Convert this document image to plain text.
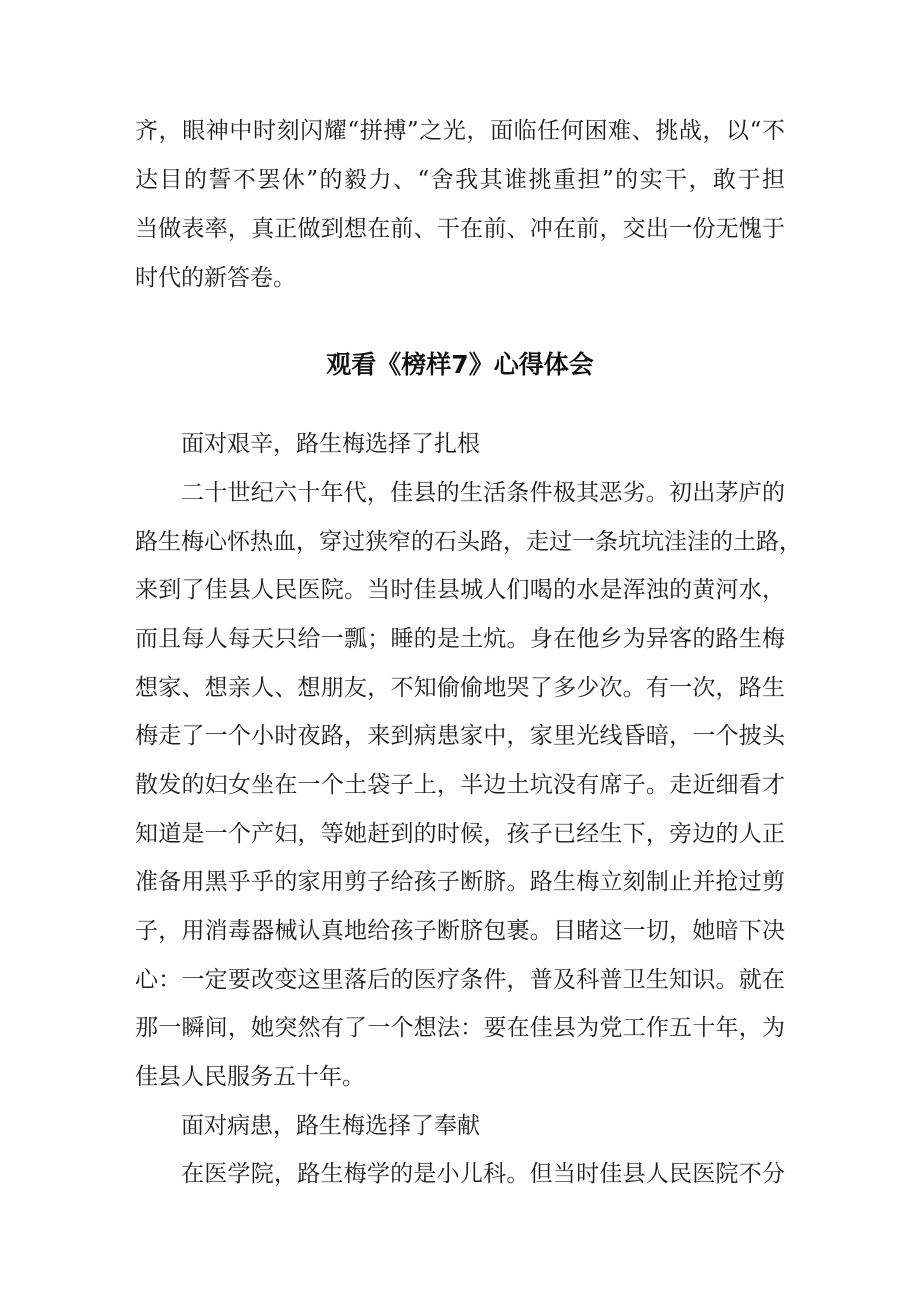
齐，眼神中时刻闪耀“拼搏”之光，面临任何困难、挑战，以“不
达目的誓不罢休”的毅力、“舍我其谁挑重担”的实干，敢于担
当做表率，真正做到想在前、干在前、冲在前，交出一份无愧于
时代的新答卷。
观看《榜样7》心得体会
面对艰辛，路生梅选择了扎根
二十世纪六十年代，佳县的生活条件极其恶劣。初出茅庐的
路生梅心怀热血，穿过狭窄的石头路，走过一条坑坑洼洼的土路，
来到了佳县人民医院。当时佳县城人们喝的水是浑浊的黄河水，
而且每人每天只给一瓢；睡的是土炕。身在他乡为异客的路生梅
想家、想亲人、想朋友，不知偷偷地哭了多少次。有一次，路生
梅走了一个小时夜路，来到病患家中，家里光线昏暗，一个披头
散发的妇女坐在一个土袋子上，半边土坑没有席子。走近细看才
知道是一个产妇，等她赶到的时候，孩子已经生下，旁边的人正
准备用黑乎乎的家用剪子给孩子断脐。路生梅立刻制止并抢过剪
子，用消毒器械认真地给孩子断脐包裹。目睹这一切，她暗下决
心：一定要改变这里落后的医疗条件，普及科普卫生知识。就在
那一瞬间，她突然有了一个想法：要在佳县为党工作五十年，为
佳县人民服务五十年。
面对病患，路生梅选择了奉献
在医学院，路生梅学的是小儿科。但当时佳县人民医院不分
